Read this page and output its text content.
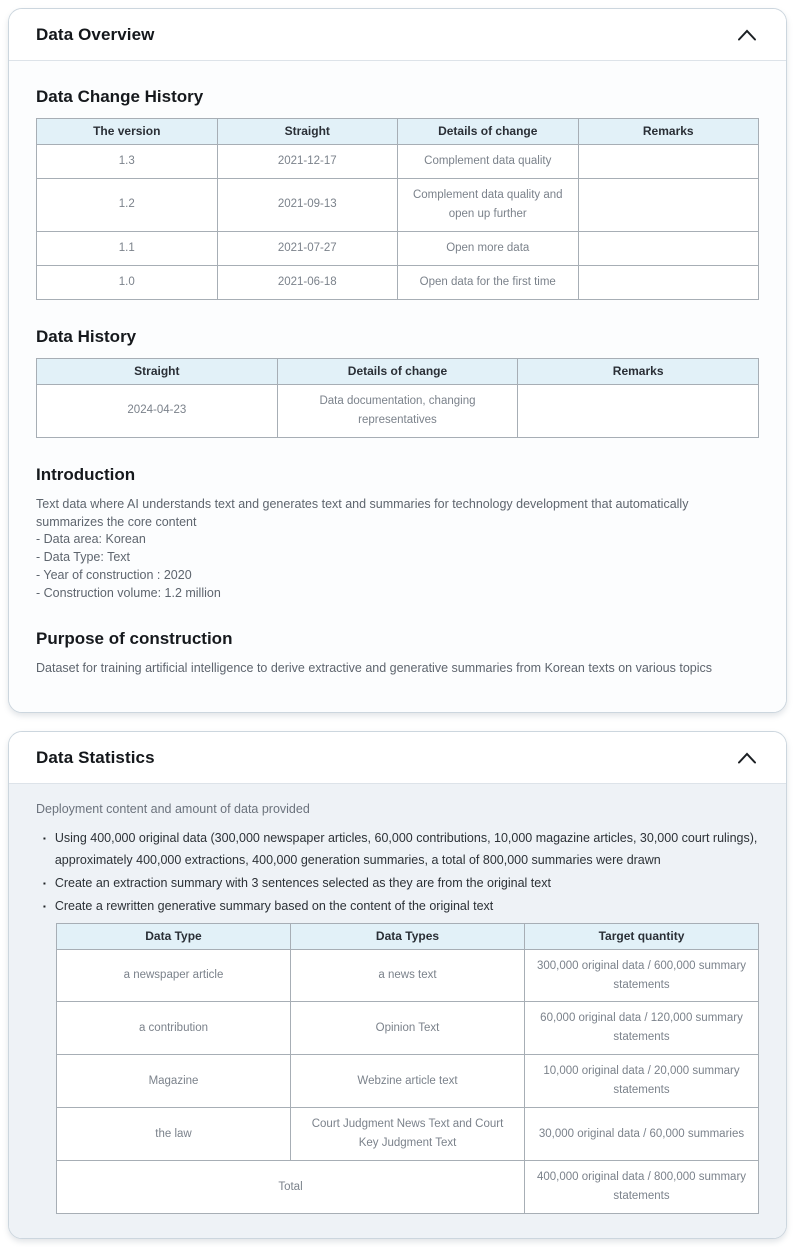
Data Overview
Data Change History
The version	Straight	Details of change	Remarks
1.3	2021-12-17	Complement data quality	
1.2	2021-09-13	Complement data quality and open up further	
1.1	2021-07-27	Open more data	
1.0	2021-06-18	Open data for the first time	
Data History
Straight	Details of change	Remarks
2024-04-23	Data documentation, changing representatives	
Introduction

Text data where AI understands text and generates text and summaries for technology development that automatically summarizes the core content

- Data area: Korean
- Data Type: Text
- Year of construction : 2020
- Construction volume: 1.2 million
Purpose of construction

Dataset for training artificial intelligence to derive extractive and generative summaries from Korean texts on various topics

Data Statistics

Deployment content and amount of data provided

▪ Using 400,000 original data (300,000 newspaper articles, 60,000 contributions, 10,000 magazine articles, 30,000 court rulings), approximately 400,000 extractions, 400,000 generation summaries, a total of 800,000 summaries were drawn
▪ Create an extraction summary with 3 sentences selected as they are from the original text
▪ Create a rewritten generative summary based on the content of the original text
Data Type	Data Types	Target quantity
a newspaper article	a news text	300,000 original data / 600,000 summary statements
a contribution	Opinion Text	60,000 original data / 120,000 summary statements
Magazine	Webzine article text	10,000 original data / 20,000 summary statements
the law	Court Judgment News Text and Court Key Judgment Text	30,000 original data / 60,000 summaries
Total		400,000 original data / 800,000 summary statements
